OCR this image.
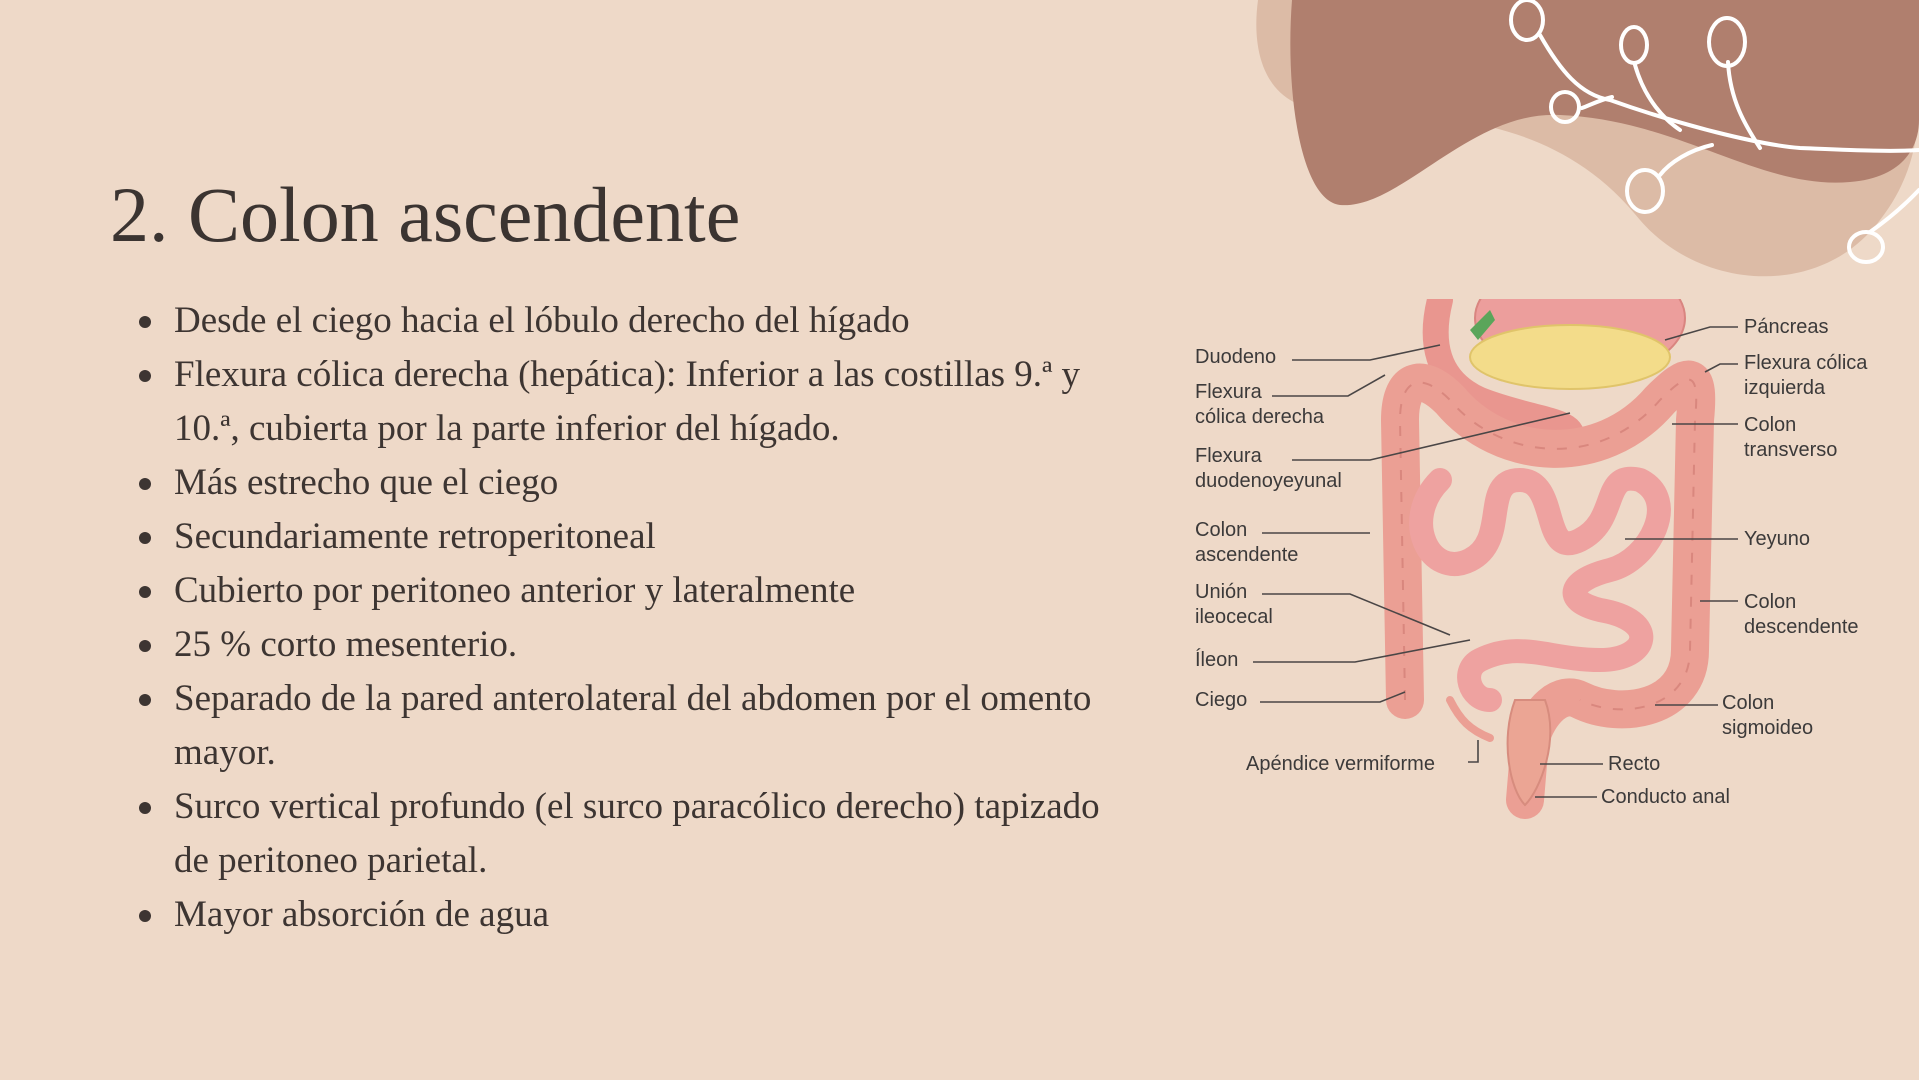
2. Colon ascendente
Desde el ciego hacia el lóbulo derecho del hígado
Flexura cólica derecha (hepática): Inferior a las costillas 9.ª y 10.ª, cubierta por la parte inferior del hígado.
Más estrecho que el ciego
Secundariamente retroperitoneal
Cubierto por peritoneo anterior y lateralmente
25 % corto mesenterio.
Separado de la pared anterolateral del abdomen por el omento mayor.
Surco vertical profundo (el surco paracólico derecho) tapizado de peritoneo parietal.
Mayor absorción de agua
Duodeno
Flexura
cólica derecha
Flexura
duodenoyeyunal
Colon
ascendente
Unión
ileocecal
Íleon
Ciego
Apéndice vermiforme
Páncreas
Flexura cólica
izquierda
Colon
transverso
Yeyuno
Colon
descendente
Colon
sigmoideo
Recto
Conducto anal
